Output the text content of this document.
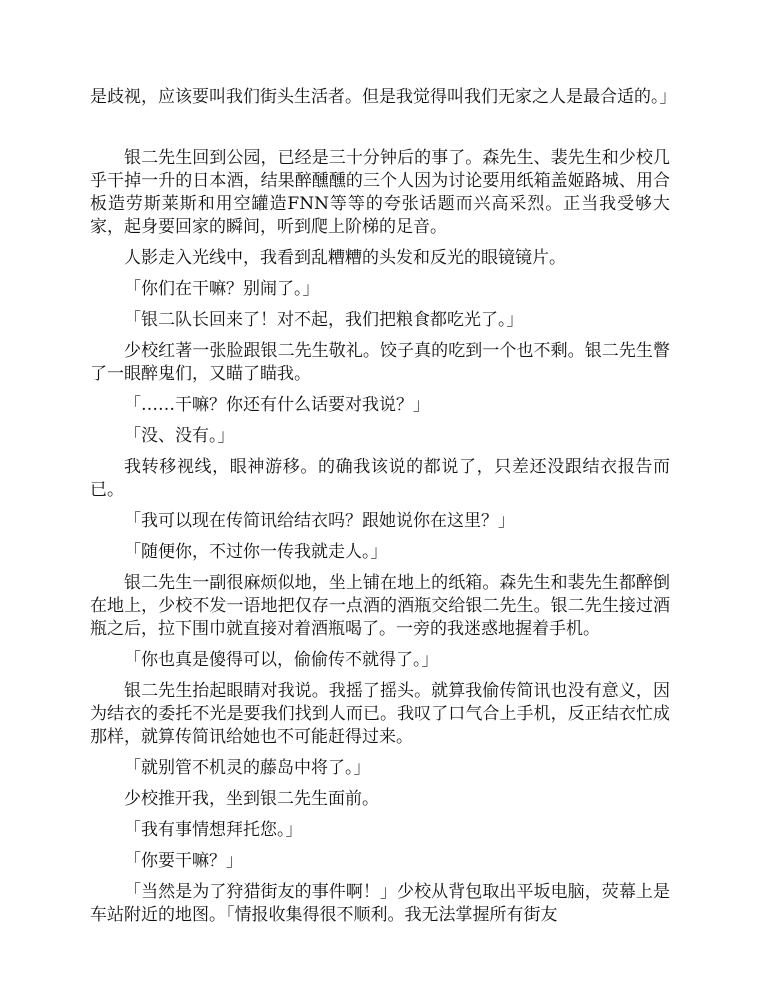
是歧视，应该要叫我们街头生活者。但是我觉得叫我们无家之人是最合适的。」

银二先生回到公园，已经是三十分钟后的事了。森先生、裴先生和少校几乎干掉一升的日本酒，结果醉醺醺的三个人因为讨论要用纸箱盖姬路城、用合板造劳斯莱斯和用空罐造FNN等等的夸张话题而兴高采烈。正当我受够大家，起身要回家的瞬间，听到爬上阶梯的足音。

人影走入光线中，我看到乱糟糟的头发和反光的眼镜镜片。

「你们在干嘛？别闹了。」

「银二队长回来了！对不起，我们把粮食都吃光了。」

少校红著一张脸跟银二先生敬礼。饺子真的吃到一个也不剩。银二先生瞥了一眼醉鬼们，又瞄了瞄我。

「……干嘛？你还有什么话要对我说？」

「没、没有。」

我转移视线，眼神游移。的确我该说的都说了，只差还没跟结衣报告而已。

「我可以现在传简讯给结衣吗？跟她说你在这里？」

「随便你，不过你一传我就走人。」

银二先生一副很麻烦似地，坐上铺在地上的纸箱。森先生和裴先生都醉倒在地上，少校不发一语地把仅存一点酒的酒瓶交给银二先生。银二先生接过酒瓶之后，拉下围巾就直接对着酒瓶喝了。一旁的我迷惑地握着手机。

「你也真是傻得可以，偷偷传不就得了。」

银二先生抬起眼睛对我说。我摇了摇头。就算我偷传简讯也没有意义，因为结衣的委托不光是要我们找到人而已。我叹了口气合上手机，反正结衣忙成那样，就算传简讯给她也不可能赶得过来。

「就别管不机灵的藤岛中将了。」

少校推开我，坐到银二先生面前。

「我有事情想拜托您。」

「你要干嘛？」

「当然是为了狩猎街友的事件啊！」少校从背包取出平坂电脑，荧幕上是车站附近的地图。「情报收集得很不顺利。我无法掌握所有街友
